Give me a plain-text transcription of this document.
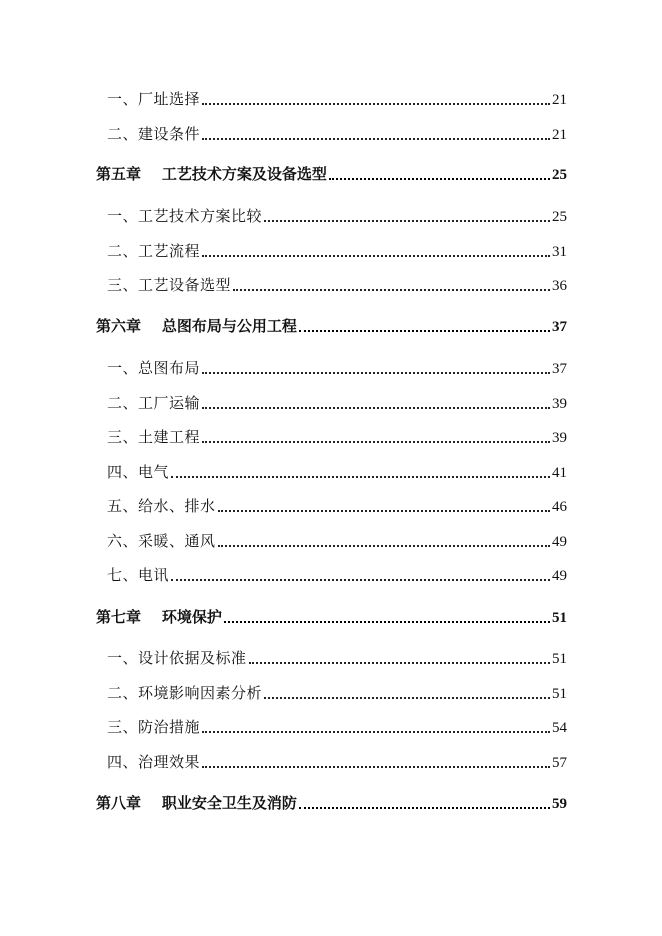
一、厂址选择	21
二、建设条件	21
第五章    工艺技术方案及设备选型	25
一、工艺技术方案比较	25
二、工艺流程	31
三、工艺设备选型	36
第六章    总图布局与公用工程	37
一、总图布局	37
二、工厂运输	39
三、土建工程	39
四、电气	41
五、给水、排水	46
六、采暖、通风	49
七、电讯	49
第七章    环境保护	51
一、设计依据及标准	51
二、环境影响因素分析	51
三、防治措施	54
四、治理效果	57
第八章    职业安全卫生及消防	59
